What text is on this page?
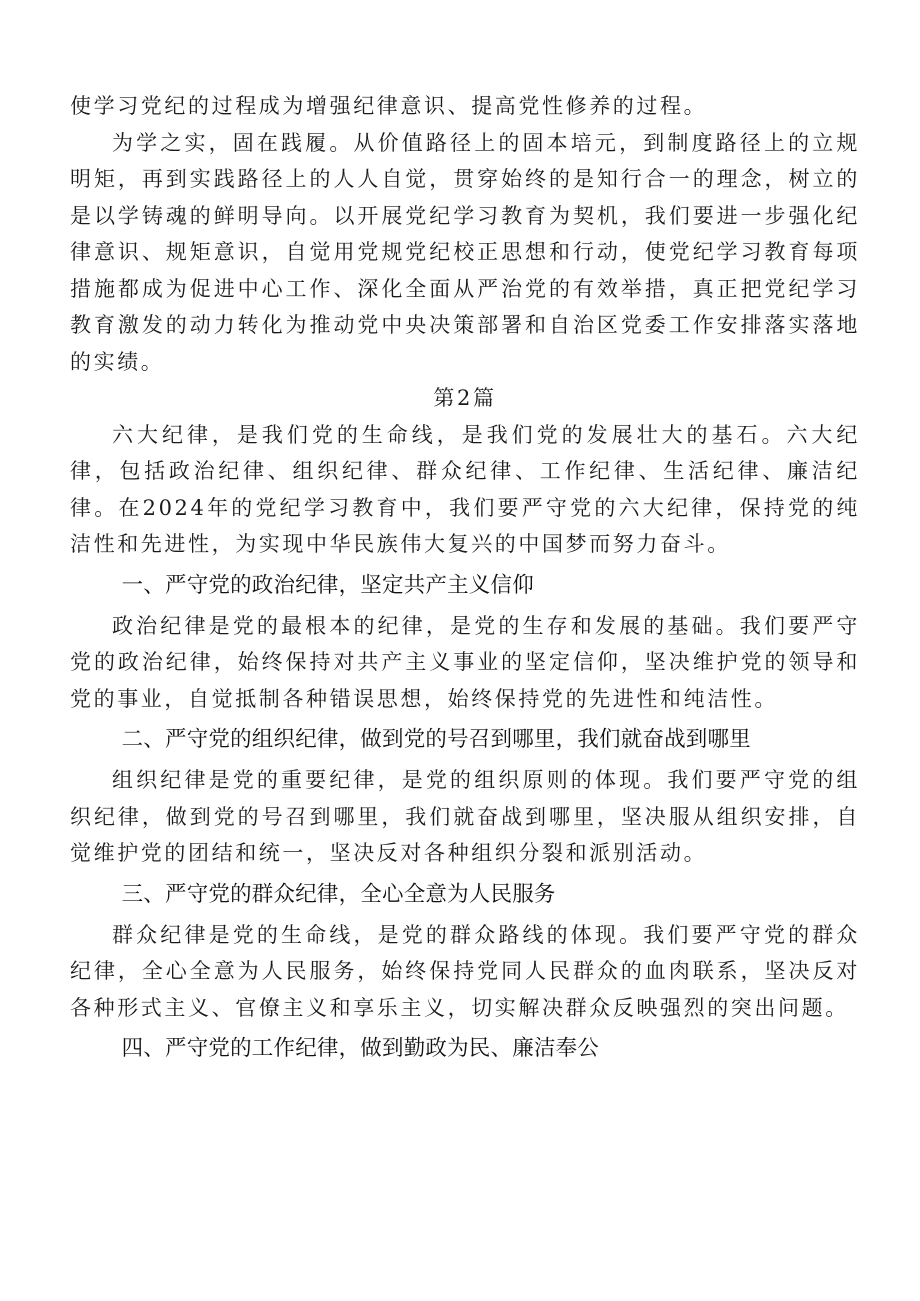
使学习党纪的过程成为增强纪律意识、提高党性修养的过程。

为学之实，固在践履。从价值路径上的固本培元，到制度路径上的立规明矩，再到实践路径上的人人自觉，贯穿始终的是知行合一的理念，树立的是以学铸魂的鲜明导向。以开展党纪学习教育为契机，我们要进一步强化纪律意识、规矩意识，自觉用党规党纪校正思想和行动，使党纪学习教育每项措施都成为促进中心工作、深化全面从严治党的有效举措，真正把党纪学习教育激发的动力转化为推动党中央决策部署和自治区党委工作安排落实落地的实绩。

第2篇

六大纪律，是我们党的生命线，是我们党的发展壮大的基石。六大纪律，包括政治纪律、组织纪律、群众纪律、工作纪律、生活纪律、廉洁纪律。在2024年的党纪学习教育中，我们要严守党的六大纪律，保持党的纯洁性和先进性，为实现中华民族伟大复兴的中国梦而努力奋斗。

一、严守党的政治纪律，坚定共产主义信仰

政治纪律是党的最根本的纪律，是党的生存和发展的基础。我们要严守党的政治纪律，始终保持对共产主义事业的坚定信仰，坚决维护党的领导和党的事业，自觉抵制各种错误思想，始终保持党的先进性和纯洁性。

二、严守党的组织纪律，做到党的号召到哪里，我们就奋战到哪里

组织纪律是党的重要纪律，是党的组织原则的体现。我们要严守党的组织纪律，做到党的号召到哪里，我们就奋战到哪里，坚决服从组织安排，自觉维护党的团结和统一，坚决反对各种组织分裂和派别活动。

三、严守党的群众纪律，全心全意为人民服务

群众纪律是党的生命线，是党的群众路线的体现。我们要严守党的群众纪律，全心全意为人民服务，始终保持党同人民群众的血肉联系，坚决反对各种形式主义、官僚主义和享乐主义，切实解决群众反映强烈的突出问题。

四、严守党的工作纪律，做到勤政为民、廉洁奉公
